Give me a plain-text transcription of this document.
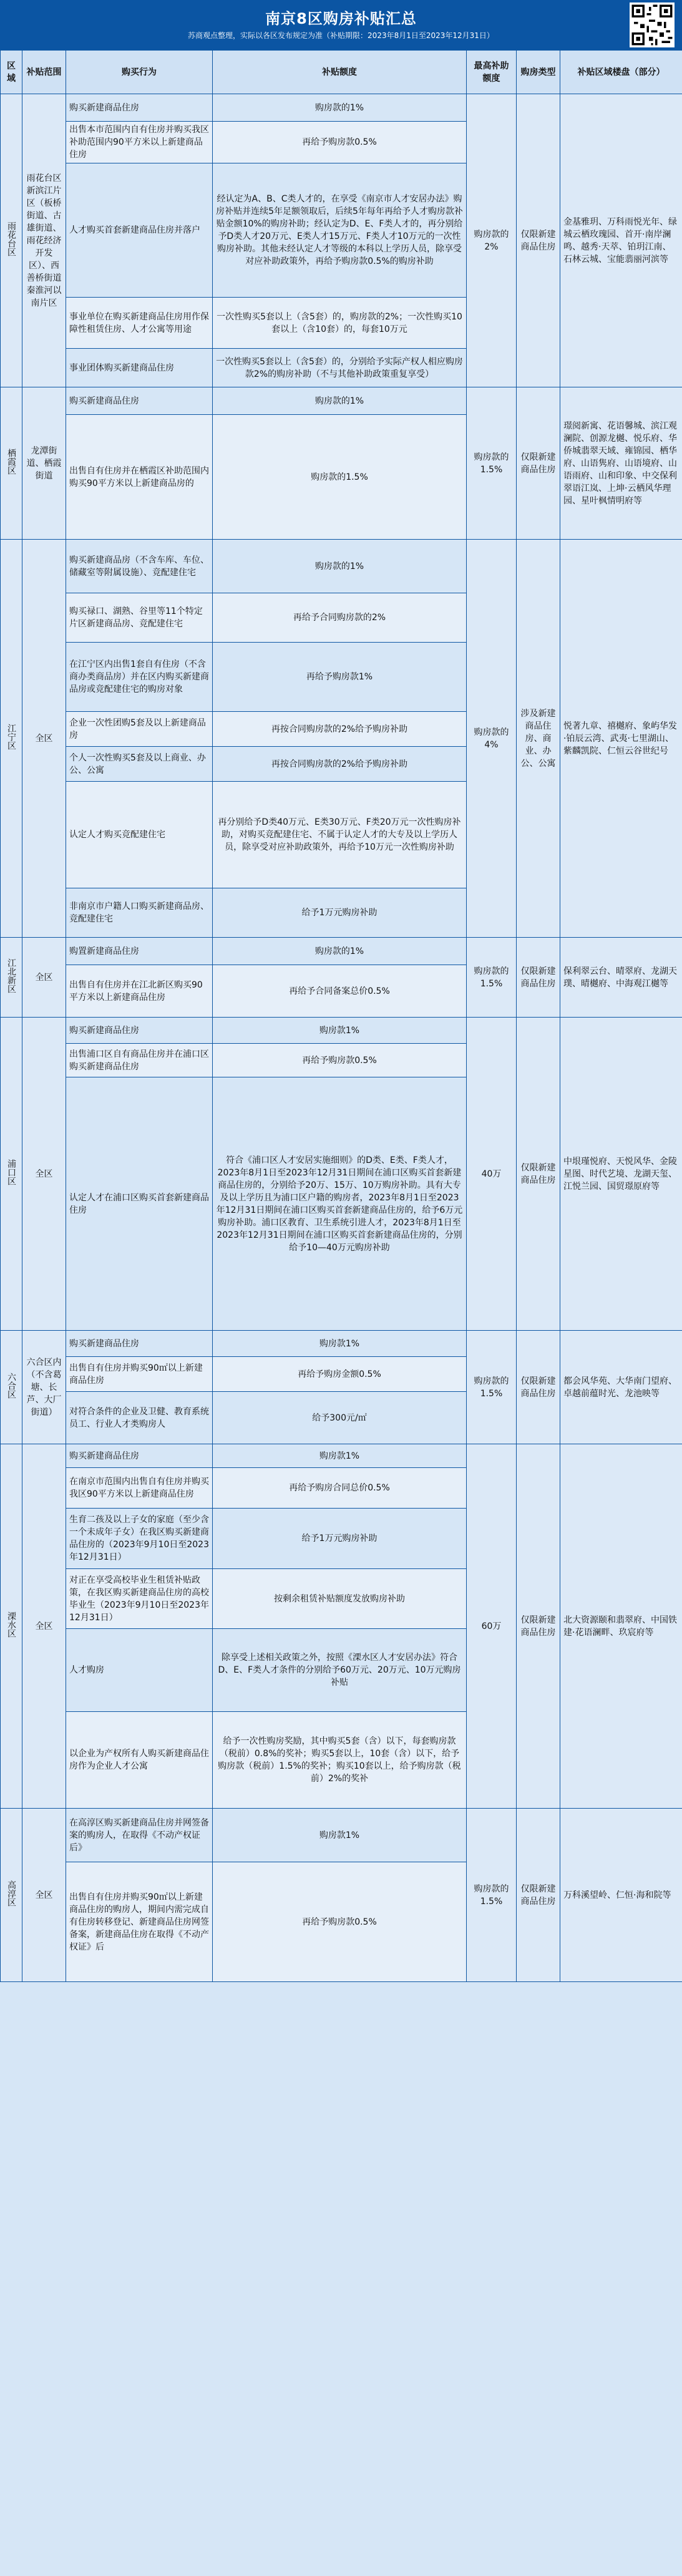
南京8区购房补贴汇总
苏商观点整理，实际以各区发布规定为准（补贴期限：2023年8月1日至2023年12月31日）
区域	补贴范围	购买行为	补贴额度	最高补助额度	购房类型	补贴区域楼盘（部分）
雨花台区	雨花台区新滨江片区（板桥街道、古雄街道、雨花经济开发区）、西善桥街道秦淮河以南片区	购买新建商品住房	购房款的1%	购房款的2%	仅限新建商品住房	金基雅玥、万科雨悦光年、绿城云栖玫瑰园、首开·南岸澜鸣、越秀·天萃、铂玥江南、石林云城、宝能翡丽河滨等
		出售本市范围内自有住房并购买我区补助范围内90平方米以上新建商品住房	再给予购房款0.5%			
		人才购买首套新建商品住房并落户	经认定为A、B、C类人才的，在享受《南京市人才安居办法》购房补贴并连续5年足额领取后，后续5年每年再给予人才购房款补贴金额10%的购房补助；经认定为D、E、F类人才的，再分别给予D类人才20万元、E类人才15万元、F类人才10万元的一次性购房补助。其他未经认定人才等级的本科以上学历人员，除享受对应补助政策外，再给予购房款0.5%的购房补助			
		事业单位在购买新建商品住房用作保障性租赁住房、人才公寓等用途	一次性购买5套以上（含5套）的，购房款的2%；一次性购买10套以上（含10套）的，每套10万元			
		事业团体购买新建商品住房	一次性购买5套以上（含5套）的，分别给予实际产权人相应购房款2%的购房补助（不与其他补助政策重复享受）			
栖霞区	龙潭街道、栖霞街道	购买新建商品住房	购房款的1%	购房款的1.5%	仅限新建商品住房	璟阅新寓、花语馨城、滨江观澜院、创源龙樾、悦乐府、华侨城翡翠天域、雍锦园、栖华府、山语隽府、山语境府、山语雨府、山和印象、中交保利翠语江岚、上坤·云栖风华理园、星叶枫情明府等
		出售自有住房并在栖霞区补助范围内购买90平方米以上新建商品房的	购房款的1.5%			
江宁区	全区	购买新建商品房（不含车库、车位、储藏室等附属设施）、竞配建住宅	购房款的1%	购房款的4%	涉及新建商品住房、商业、办公、公寓	悦著九章、禧樾府、象屿华发·铂辰云湾、武夷·七里湖山、紫麟凯院、仁恒云谷世纪号
		购买禄口、湖熟、谷里等11个特定片区新建商品房、竞配建住宅	再给予合同购房款的2%			
		在江宁区内出售1套自有住房（不含商办类商品房）并在区内购买新建商品房或竞配建住宅的购房对象	再给予购房款1%			
		企业一次性团购5套及以上新建商品房	再按合同购房款的2%给予购房补助			
		个人一次性购买5套及以上商业、办公、公寓	再按合同购房款的2%给予购房补助			
		认定人才购买竞配建住宅	再分别给予D类40万元、E类30万元、F类20万元一次性购房补助，对购买竞配建住宅、不属于认定人才的大专及以上学历人员，除享受对应补助政策外，再给予10万元一次性购房补助			
		非南京市户籍人口购买新建商品房、竞配建住宅	给予1万元购房补助			
江北新区	全区	购置新建商品住房	购房款的1%	购房款的1.5%	仅限新建商品住房	保利翠云台、晴翠府、龙湖天璞、晴樾府、中海观江樾等
		出售自有住房并在江北新区购买90平方米以上新建商品住房	再给予合同备案总价0.5%			
浦口区	全区	购买新建商品住房	购房款1%	40万	仅限新建商品住房	中垠瑾悦府、天悦风华、金陵星图、时代艺境、龙湖天玺、江悦兰园、国贸璟原府等
		出售浦口区自有商品住房并在浦口区购买新建商品住房	再给予购房款0.5%			
		认定人才在浦口区购买首套新建商品住房	符合《浦口区人才安居实施细则》的D类、E类、F类人才，2023年8月1日至2023年12月31日期间在浦口区购买首套新建商品住房的，分别给予20万、15万、10万购房补助。具有大专及以上学历且为浦口区户籍的购房者，2023年8月1日至2023年12月31日期间在浦口区购买首套新建商品住房的，给予6万元购房补助。浦口区教育、卫生系统引进人才，2023年8月1日至2023年12月31日期间在浦口区购买首套新建商品住房的，分别给予10—40万元购房补助			
六合区	六合区内（不含葛塘、长芦、大厂街道）	购买新建商品住房	购房款1%	购房款的1.5%	仅限新建商品住房	都会风华苑、大华南门望府、卓越前蕴时光、龙池映等
		出售自有住房并购买90㎡以上新建商品住房	再给予购房金额0.5%			
		对符合条件的企业及卫健、教育系统员工、行业人才类购房人	给予300元/㎡			
溧水区	全区	购买新建商品住房	购房款1%	60万	仅限新建商品住房	北大资源颐和翡翠府、中国铁建·花语澜畔、玖宸府等
		在南京市范围内出售自有住房并购买我区90平方米以上新建商品住房	再给予购房合同总价0.5%			
		生育二孩及以上子女的家庭（至少含一个未成年子女）在我区购买新建商品住房的（2023年9月10日至2023年12月31日）	给予1万元购房补助			
		对正在享受高校毕业生租赁补贴政策，在我区购买新建商品住房的高校毕业生（2023年9月10日至2023年12月31日）	按剩余租赁补贴额度发放购房补助			
		人才购房	除享受上述相关政策之外，按照《溧水区人才安居办法》符合D、E、F类人才条件的分别给予60万元、20万元、10万元购房补贴			
		以企业为产权所有人购买新建商品住房作为企业人才公寓	给予一次性购房奖励，其中购买5套（含）以下，每套购房款（税前）0.8%的奖补；购买5套以上，10套（含）以下，给予购房款（税前）1.5%的奖补；购买10套以上，给予购房款（税前）2%的奖补			
高淳区	全区	在高淳区购买新建商品住房并网签备案的购房人，在取得《不动产权证后》	购房款1%	购房款的1.5%	仅限新建商品住房	万科溪望岭、仁恒·海和院等
		出售自有住房并购买90㎡以上新建商品住房的购房人，期间内需完成自有住房转移登记、新建商品住房网签备案，新建商品住房在取得《不动产权证》后	再给予购房款0.5%			
